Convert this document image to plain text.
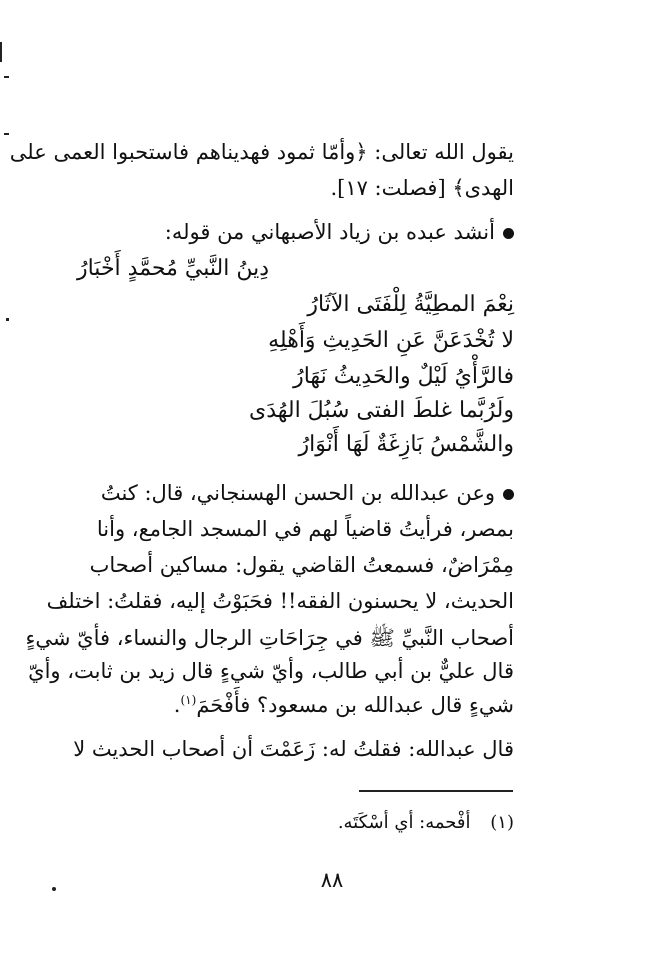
يقول الله تعالى: ﴿وأمّا ثمود فهديناهم فاستحبوا العمى على
الهدى﴾ [فصلت: ١٧].
أنشد عبده بن زياد الأصبهاني من قوله:
دِينُ النَّبيِّ مُحمَّدٍ أَخْبَارُ
نِعْمَ المطِيَّةُ لِلْفَتَى الآثَارُ
لا تُخْدَعَنَّ عَنِ الحَدِيثِ وَأَهْلِهِ
فالرَّأْيُ لَيْلٌ والحَدِيثُ نَهَارُ
ولَرُبَّما غلطَ الفتى سُبُلَ الهُدَى
والشَّمْسُ بَازِغَةٌ لَهَا أَنْوَارُ
وعن عبدالله بن الحسن الهسنجاني، قال: كنتُ
بمصر، فرأيتُ قاضياً لهم في المسجد الجامع، وأنا
مِمْرَاضٌ، فسمعتُ القاضي يقول: مساكين أصحاب
الحديث، لا يحسنون الفقه!! فحَبَوْتُ إليه، فقلتُ: اختلف
أصحاب النَّبيِّ ﷺ في جِرَاحَاتِ الرجال والنساء، فأيّ شيءٍ
قال عليٌّ بن أبي طالب، وأيّ شيءٍ قال زيد بن ثابت، وأيّ
شيءٍ قال عبدالله بن مسعود؟ فأَفْحَمَ$^{(١)}$.
قال عبدالله: فقلتُ له: زَعَمْتَ أن أصحاب الحديث لا
(١) أفْحمه: أي أسْكَتَه.
٨٨
